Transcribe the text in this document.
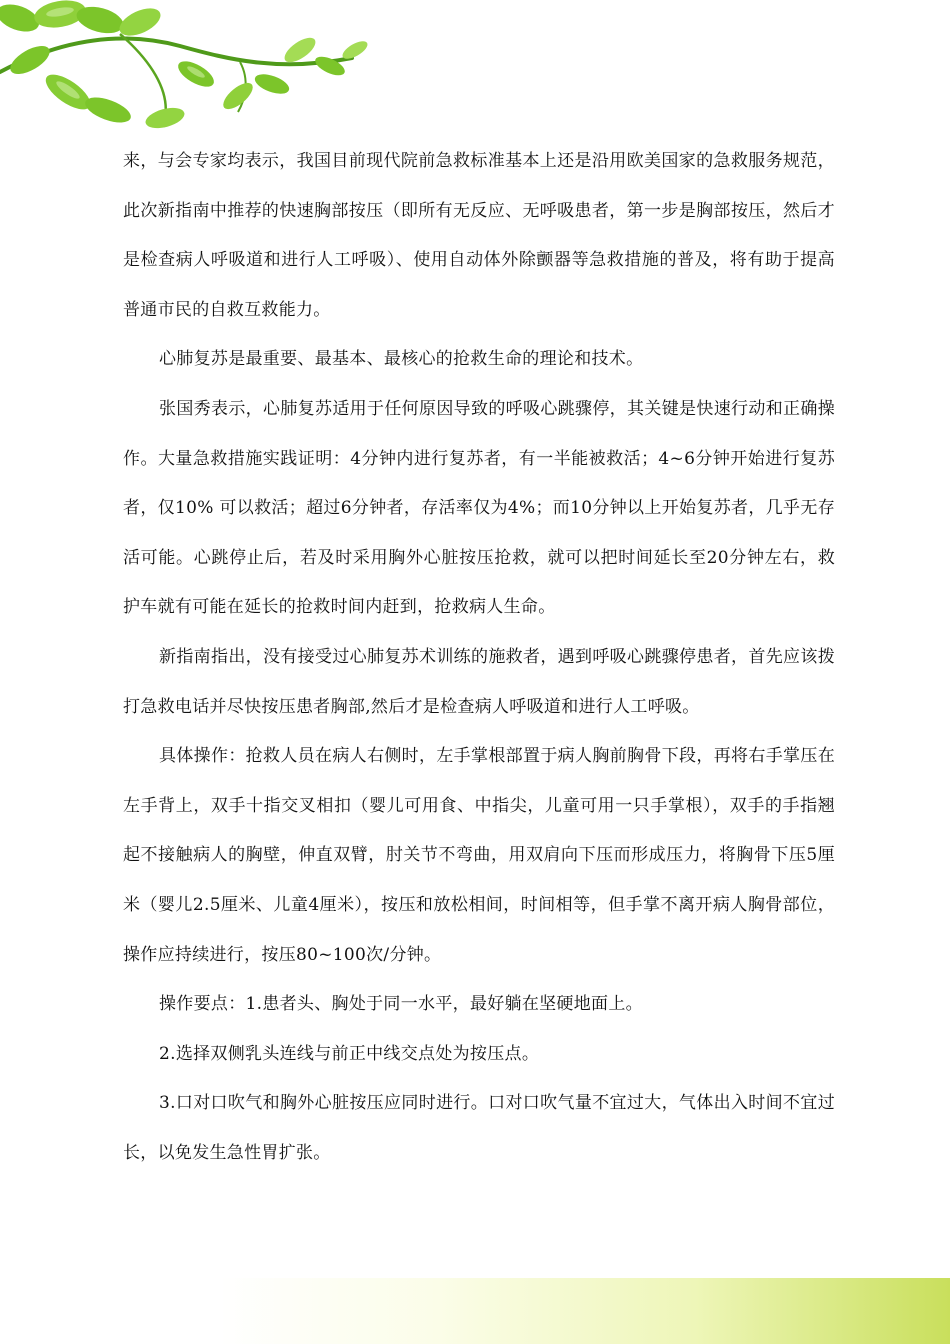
来，与会专家均表示，我国目前现代院前急救标准基本上还是沿用欧美国家的急救服务规范，此次新指南中推荐的快速胸部按压（即所有无反应、无呼吸患者，第一步是胸部按压，然后才是检查病人呼吸道和进行人工呼吸）、使用自动体外除颤器等急救措施的普及，将有助于提高普通市民的自救互救能力。

心肺复苏是最重要、最基本、最核心的抢救生命的理论和技术。

张国秀表示，心肺复苏适用于任何原因导致的呼吸心跳骤停，其关键是快速行动和正确操作。大量急救措施实践证明：4分钟内进行复苏者，有一半能被救活；4~6分钟开始进行复苏者，仅10% 可以救活；超过6分钟者，存活率仅为4%；而10分钟以上开始复苏者，几乎无存活可能。心跳停止后，若及时采用胸外心脏按压抢救，就可以把时间延长至20分钟左右，救护车就有可能在延长的抢救时间内赶到，抢救病人生命。

新指南指出，没有接受过心肺复苏术训练的施救者，遇到呼吸心跳骤停患者，首先应该拨打急救电话并尽快按压患者胸部,然后才是检查病人呼吸道和进行人工呼吸。

具体操作：抢救人员在病人右侧时，左手掌根部置于病人胸前胸骨下段，再将右手掌压在左手背上，双手十指交叉相扣（婴儿可用食、中指尖，儿童可用一只手掌根），双手的手指翘起不接触病人的胸壁，伸直双臂，肘关节不弯曲，用双肩向下压而形成压力，将胸骨下压5厘米（婴儿2.5厘米、儿童4厘米），按压和放松相间，时间相等，但手掌不离开病人胸骨部位，操作应持续进行，按压80~100次/分钟。

操作要点：1.患者头、胸处于同一水平，最好躺在坚硬地面上。

2.选择双侧乳头连线与前正中线交点处为按压点。

3.口对口吹气和胸外心脏按压应同时进行。口对口吹气量不宜过大，气体出入时间不宜过长，以免发生急性胃扩张。
